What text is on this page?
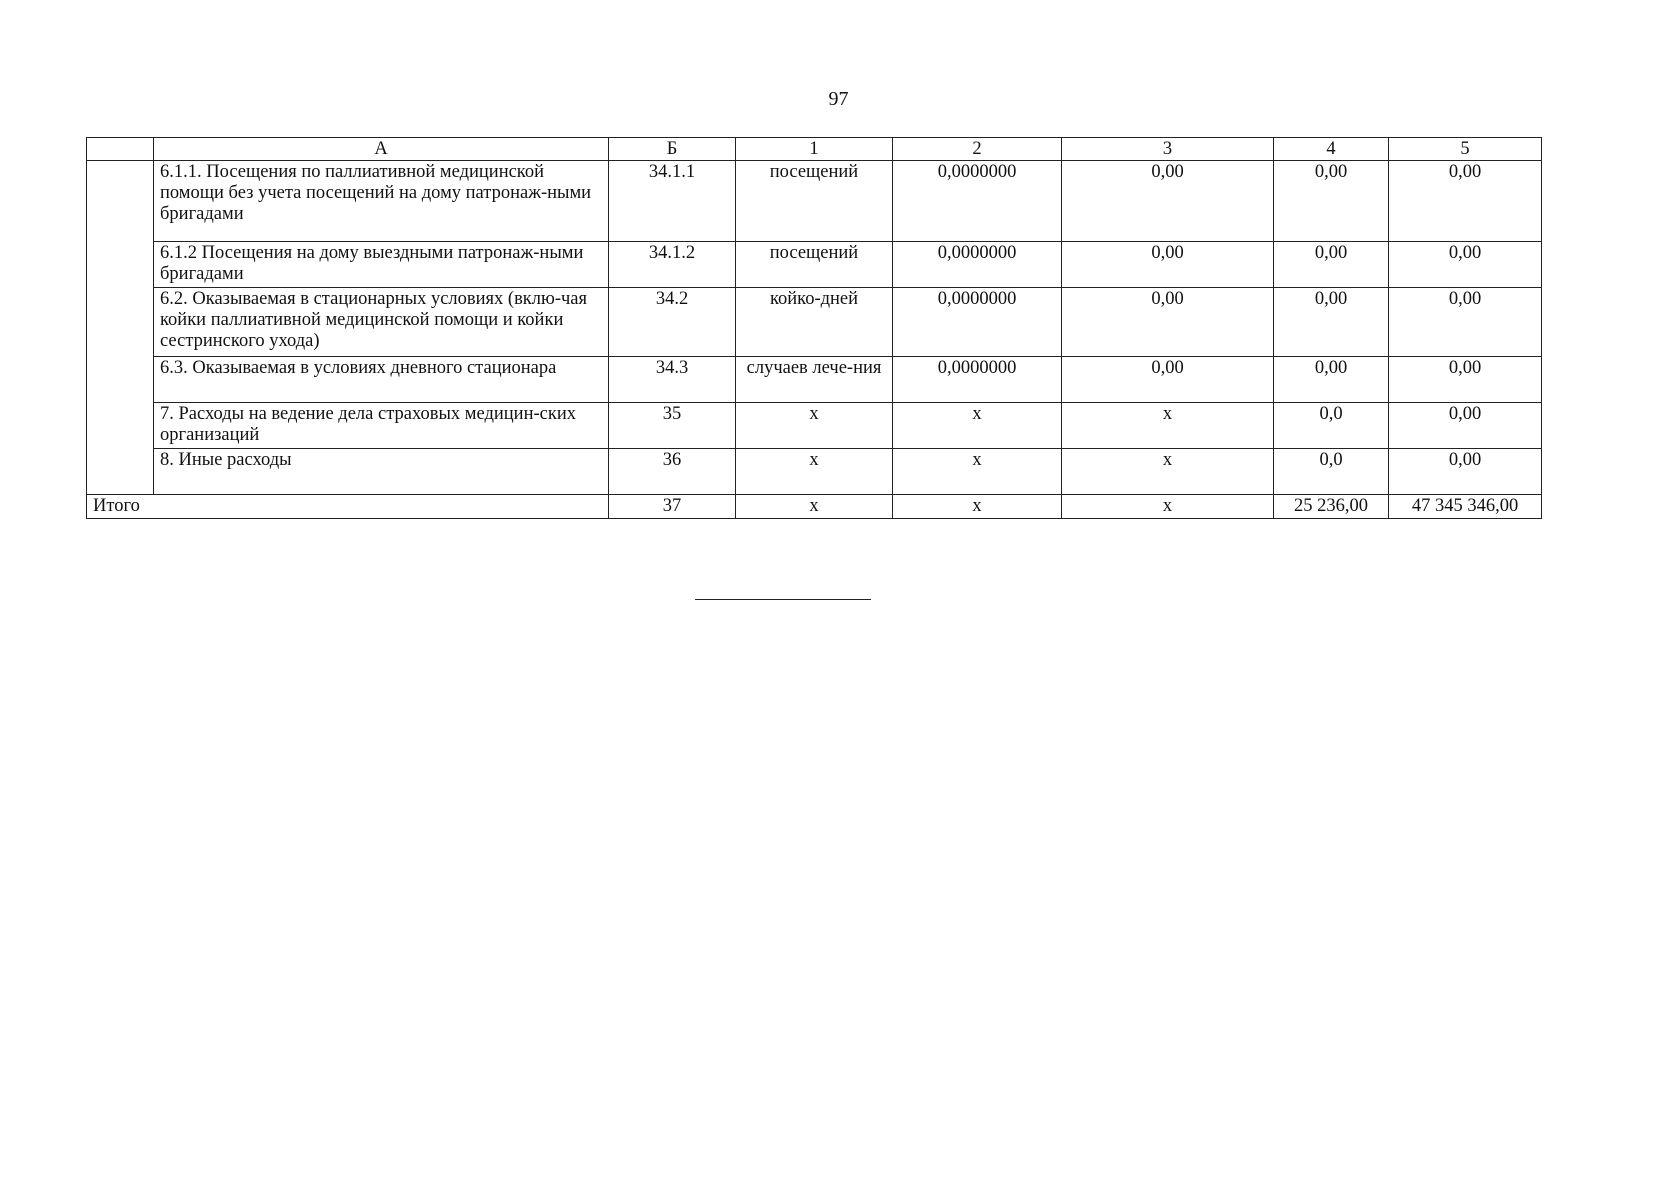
97
	А	Б	1	2	3	4	5
	6.1.1. Посещения по паллиативной медицинской помощи без учета посещений на дому патронаж-ными бригадами	34.1.1	посещений	0,0000000	0,00	0,00	0,00
	6.1.2 Посещения на дому выездными патронаж-ными бригадами	34.1.2	посещений	0,0000000	0,00	0,00	0,00
	6.2. Оказываемая в стационарных условиях (вклю-чая койки паллиативной медицинской помощи и койки сестринского ухода)	34.2	койко-дней	0,0000000	0,00	0,00	0,00
	6.3. Оказываемая в условиях дневного стационара	34.3	случаев лече-ния	0,0000000	0,00	0,00	0,00
	7. Расходы на ведение дела страховых медицин-ских организаций	35	х	х	х	0,0	0,00
	8. Иные расходы	36	х	х	х	0,0	0,00
Итого		37	х	х	х	25 236,00	47 345 346,00
